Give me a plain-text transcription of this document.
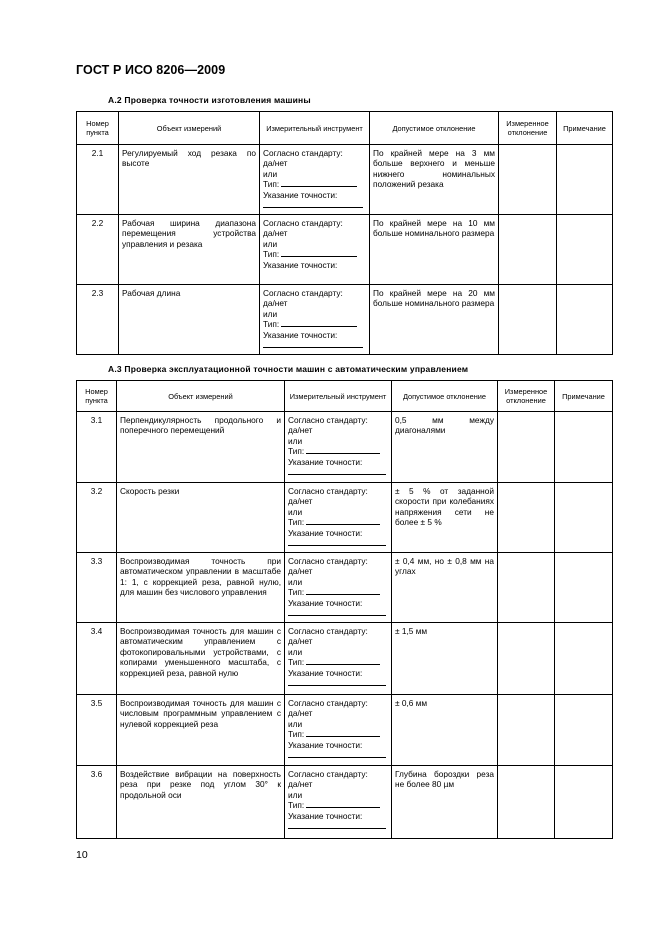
ГОСТ Р ИСО 8206—2009
А.2 Проверка точности изготовления машины
Номер пункта	Объект измерений	Измерительный инструмент	Допустимое отклонение	Измеренное отклонение	Примечание
2.1	Регулируемый ход резака по высоте	Согласно стандарту:
да/нет
или
Тип:
Указание точности:	По крайней мере на 3 мм больше верхнего и меньше нижнего номинальных положений резака		
2.2	Рабочая ширина диапазона перемещения устройства управления и резака	Согласно стандарту:
да/нет
или
Тип:
Указание точности:	По крайней мере на 10 мм больше номинального размера		
2.3	Рабочая длина	Согласно стандарту:
да/нет
или
Тип:
Указание точности:	По крайней мере на 20 мм больше номинального размера		
А.3 Проверка эксплуатационной точности машин с автоматическим управлением
Номер пункта	Объект измерений	Измерительный инструмент	Допустимое отклонение	Измеренное отклонение	Примечание
3.1	Перпендикулярность продольного и поперечного перемещений	Согласно стандарту:
да/нет
или
Тип:
Указание точности:	0,5 мм между диагоналями		
3.2	Скорость резки	Согласно стандарту:
да/нет
или
Тип:
Указание точности:	± 5 % от заданной скорости при колебаниях напряжения сети не более ± 5 %		
3.3	Воспроизводимая точность при автоматическом управлении в масштабе 1: 1, с коррекцией реза, равной нулю, для машин без числового управления	Согласно стандарту:
да/нет
или
Тип:
Указание точности:	± 0,4 мм, но ± 0,8 мм на углах		
3.4	Воспроизводимая точность для машин с автоматическим управлением с фотокопировальными устройствами, с копирами уменьшенного масштаба, с коррекцией реза, равной нулю	Согласно стандарту:
да/нет
или
Тип:
Указание точности:	± 1,5 мм		
3.5	Воспроизводимая точность для машин с числовым программным управлением с нулевой коррекцией реза	Согласно стандарту:
да/нет
или
Тип:
Указание точности:	± 0,6 мм		
3.6	Воздействие вибрации на поверхность реза при резке под углом 30° к продольной оси	Согласно стандарту:
да/нет
или
Тип:
Указание точности:	Глубина бороздки реза не более 80 µм		
10
